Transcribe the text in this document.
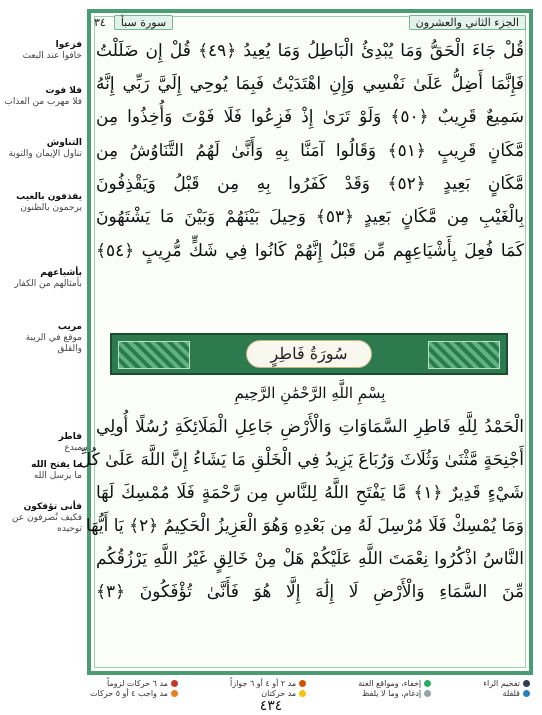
الجزء الثاني والعشرون
سورة سبأ
٣٤
قُلْ جَاءَ الْحَقُّ وَمَا يُبْدِئُ الْبَاطِلُ وَمَا يُعِيدُ ﴿٤٩﴾ قُلْ إِن ضَلَلْتُ
فَإِنَّمَا أَضِلُّ عَلَىٰ نَفْسِي وَإِنِ اهْتَدَيْتُ فَبِمَا يُوحِي إِلَيَّ رَبِّي إِنَّهُ
سَمِيعٌ قَرِيبٌ ﴿٥٠﴾ وَلَوْ تَرَىٰ إِذْ فَزِعُوا فَلَا فَوْتَ وَأُخِذُوا مِن
مَّكَانٍ قَرِيبٍ ﴿٥١﴾ وَقَالُوا آمَنَّا بِهِ وَأَنَّىٰ لَهُمُ التَّنَاوُشُ مِن
مَّكَانٍ بَعِيدٍ ﴿٥٢﴾ وَقَدْ كَفَرُوا بِهِ مِن قَبْلُ وَيَقْذِفُونَ
بِالْغَيْبِ مِن مَّكَانٍ بَعِيدٍ ﴿٥٣﴾ وَحِيلَ بَيْنَهُمْ وَبَيْنَ مَا يَشْتَهُونَ
كَمَا فُعِلَ بِأَشْيَاعِهِم مِّن قَبْلُ إِنَّهُمْ كَانُوا فِي شَكٍّ مُّرِيبٍ ﴿٥٤﴾
سُورَةُ فَاطِرٍ
بِسْمِ اللَّهِ الرَّحْمَٰنِ الرَّحِيمِ
الْحَمْدُ لِلَّهِ فَاطِرِ السَّمَاوَاتِ وَالْأَرْضِ جَاعِلِ الْمَلَائِكَةِ رُسُلًا أُولِي
أَجْنِحَةٍ مَّثْنَىٰ وَثُلَاثَ وَرُبَاعَ يَزِيدُ فِي الْخَلْقِ مَا يَشَاءُ إِنَّ اللَّهَ عَلَىٰ كُلِّ
شَيْءٍ قَدِيرٌ ﴿١﴾ مَّا يَفْتَحِ اللَّهُ لِلنَّاسِ مِن رَّحْمَةٍ فَلَا مُمْسِكَ لَهَا
وَمَا يُمْسِكْ فَلَا مُرْسِلَ لَهُ مِن بَعْدِهِ وَهُوَ الْعَزِيزُ الْحَكِيمُ ﴿٢﴾ يَا أَيُّهَا
النَّاسُ اذْكُرُوا نِعْمَتَ اللَّهِ عَلَيْكُمْ هَلْ مِنْ خَالِقٍ غَيْرُ اللَّهِ يَرْزُقُكُم
مِّنَ السَّمَاءِ وَالْأَرْضِ لَا إِلَٰهَ إِلَّا هُوَ فَأَنَّىٰ تُؤْفَكُونَ ﴿٣﴾
فزعوا
خافوا عند البعث
فلا فوت
فلا مهرب من العذاب
التناوش
تناول الإيمان والتوبة
يقذفون بالغيب
يرجمون بالظنون
بأشياعهم
بأمثالهم من الكفار
مريب
موقع في الريبة والقلق
فاطر
مبدع
ما يفتح الله
ما يرسل الله
فأنى تؤفكون
فكيف تُصرفون عن توحيده
مد ٦ حركات لزوماً
مد واجب ٤ أو ٥ حركات
مد ٢ أو ٤ أو ٦ جوازاً
مد حركتان
إخفاء، ومواقع الغنة
إدغام، وما لا يلفظ
تفخيم الراء
قلقلة
٤٣٤
